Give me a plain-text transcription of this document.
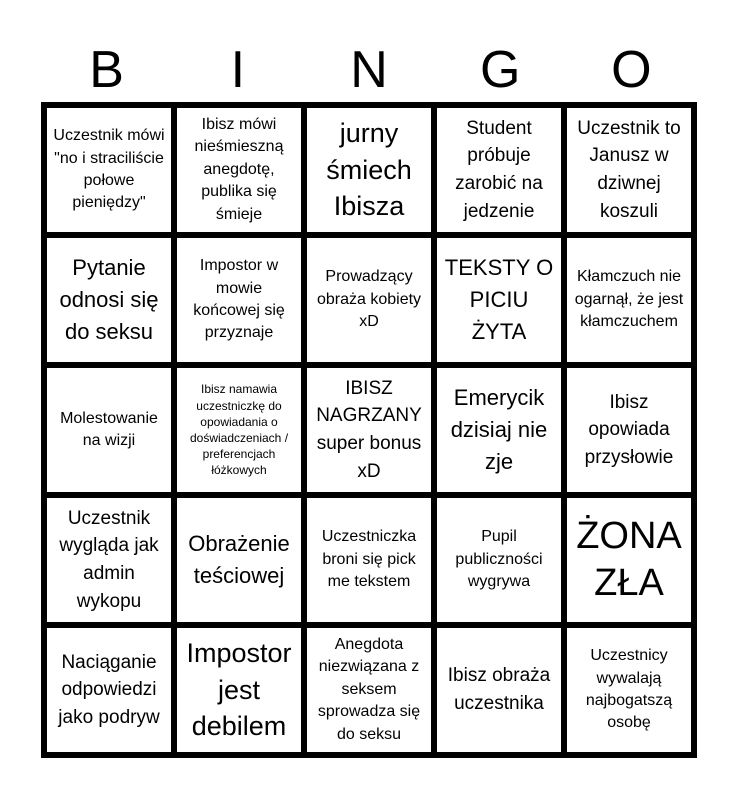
B	I	N	G	O
Uczestnik mówi "no i straciliście połowe pieniędzy"
Ibisz mówi nieśmieszną anegdotę, publika się śmieje
jurny śmiech Ibisza
Student próbuje zarobić na jedzenie
Uczestnik to Janusz w dziwnej koszuli
Pytanie odnosi się do seksu
Impostor w mowie końcowej się przyznaje
Prowadzący obraża kobiety xD
TEKSTY O PICIU ŻYTA
Kłamczuch nie ogarnął, że jest kłamczuchem
Molestowanie na wizji
Ibisz namawia uczestniczkę do opowiadania o doświadczeniach / preferencjach łóżkowych
IBISZ NAGRZANY super bonus xD
Emerycik dzisiaj nie zje
Ibisz opowiada przysłowie
Uczestnik wygląda jak admin wykopu
Obrażenie teściowej
Uczestniczka broni się pick me tekstem
Pupil publiczności wygrywa
ŻONA ZŁA
Naciąganie odpowiedzi jako podryw
Impostor jest debilem
Anegdota niezwiązana z seksem sprowadza się do seksu
Ibisz obraża uczestnika
Uczestnicy wywalają najbogatszą osobę
